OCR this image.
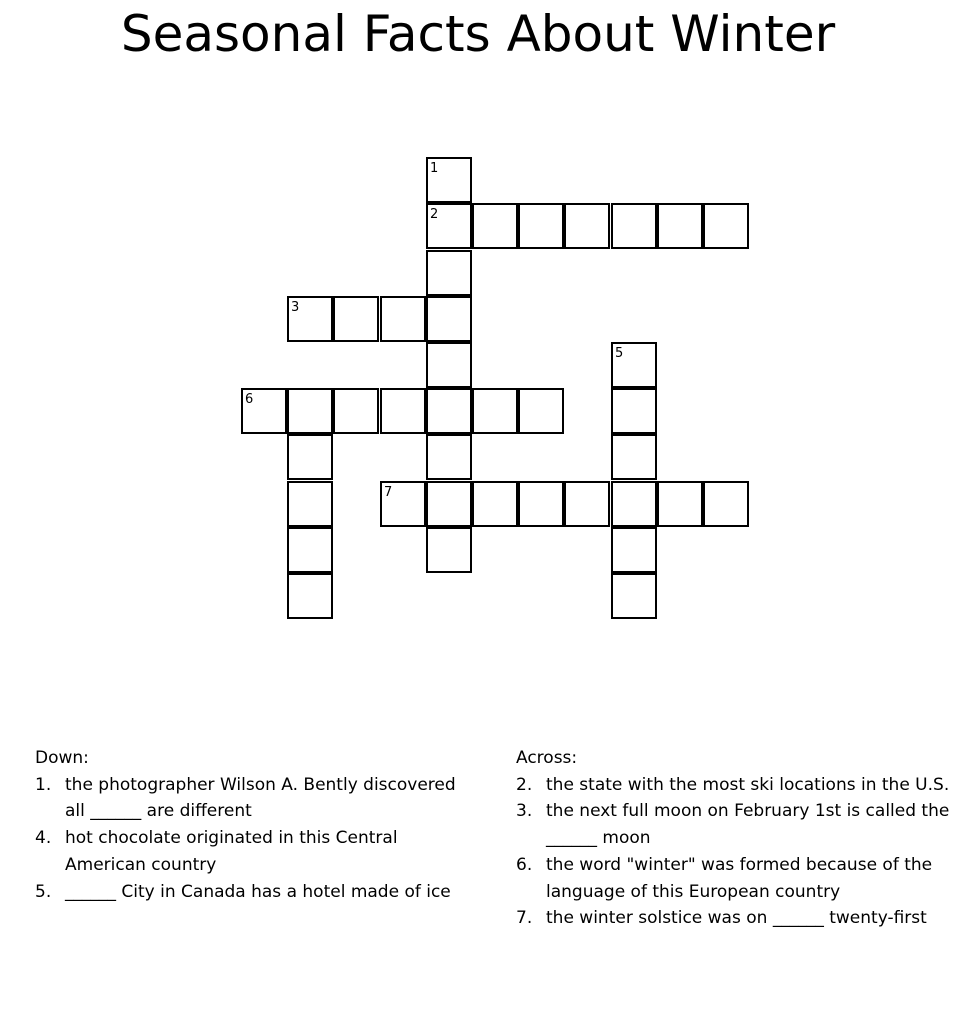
Seasonal Facts About Winter
1
2
3
6
7
5
Down:
1. the photographer Wilson A. Bently discovered all ______ are different
4. hot chocolate originated in this Central American country
5. ______ City in Canada has a hotel made of ice
Across:
2. the state with the most ski locations in the U.S.
3. the next full moon on February 1st is called the ______ moon
6. the word "winter" was formed because of the language of this European country
7. the winter solstice was on ______ twenty-first
